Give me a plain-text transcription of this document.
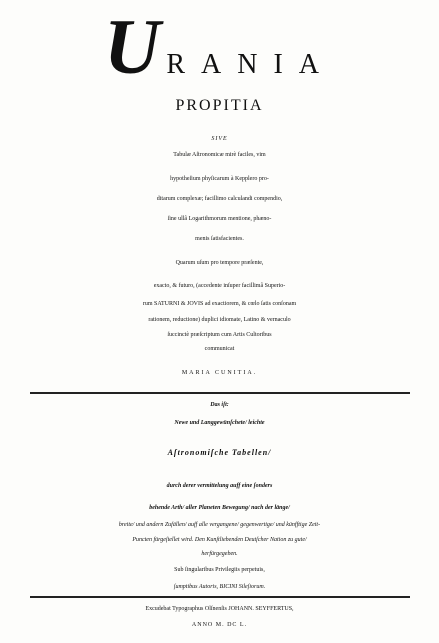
URANIA
PROPITIA
SIVE
Tabulæ Aſtronomicæ mirè faciles, vim
hypotheſium phyſicarum à Kepplero pro-
ditarum complexæ; facillimo calculandi compendio,
ſine ullâ Logarithmorum mentione, phæno-
menis ſatisfacientes.
Quarum uſum pro tempore præſente,
exacto, & futuro, (accedente inſuper facillimâ Superio-
rum SATURNI & JOVIS ad exactiorem, & cœlo ſatis conſonam
rationem, reductione) duplici idiomate, Latino & vernaculo
ſuccinctè præſcriptum cum Artis Cultoribus
communicat
MARIA CUNITIA.
Das iſt:
Newe und Langgewünſchete/ leichte
Aſtronomiſche Tabellen/
durch derer vermittelung auff eine ſonders
behende Arth/ aller Planeten Bewegung/ nach der länge/
breite/ und andern Zufällen/ auff alle vergangene/ gegenwertige/ und künfftige Zeit-
Puncten fürgeſtellet wird. Den Kunſtliebenden Deutſcher Nation zu gute/
herfürgegeben.
Sub ſingularibus Privilegiis perpetuis,
ſumptibus Autoris, BICINI Sileſiorum.
Excudebat Typographus Olſnenſis JOHANN. SEYFFERTUS,
ANNO M. DC L.
